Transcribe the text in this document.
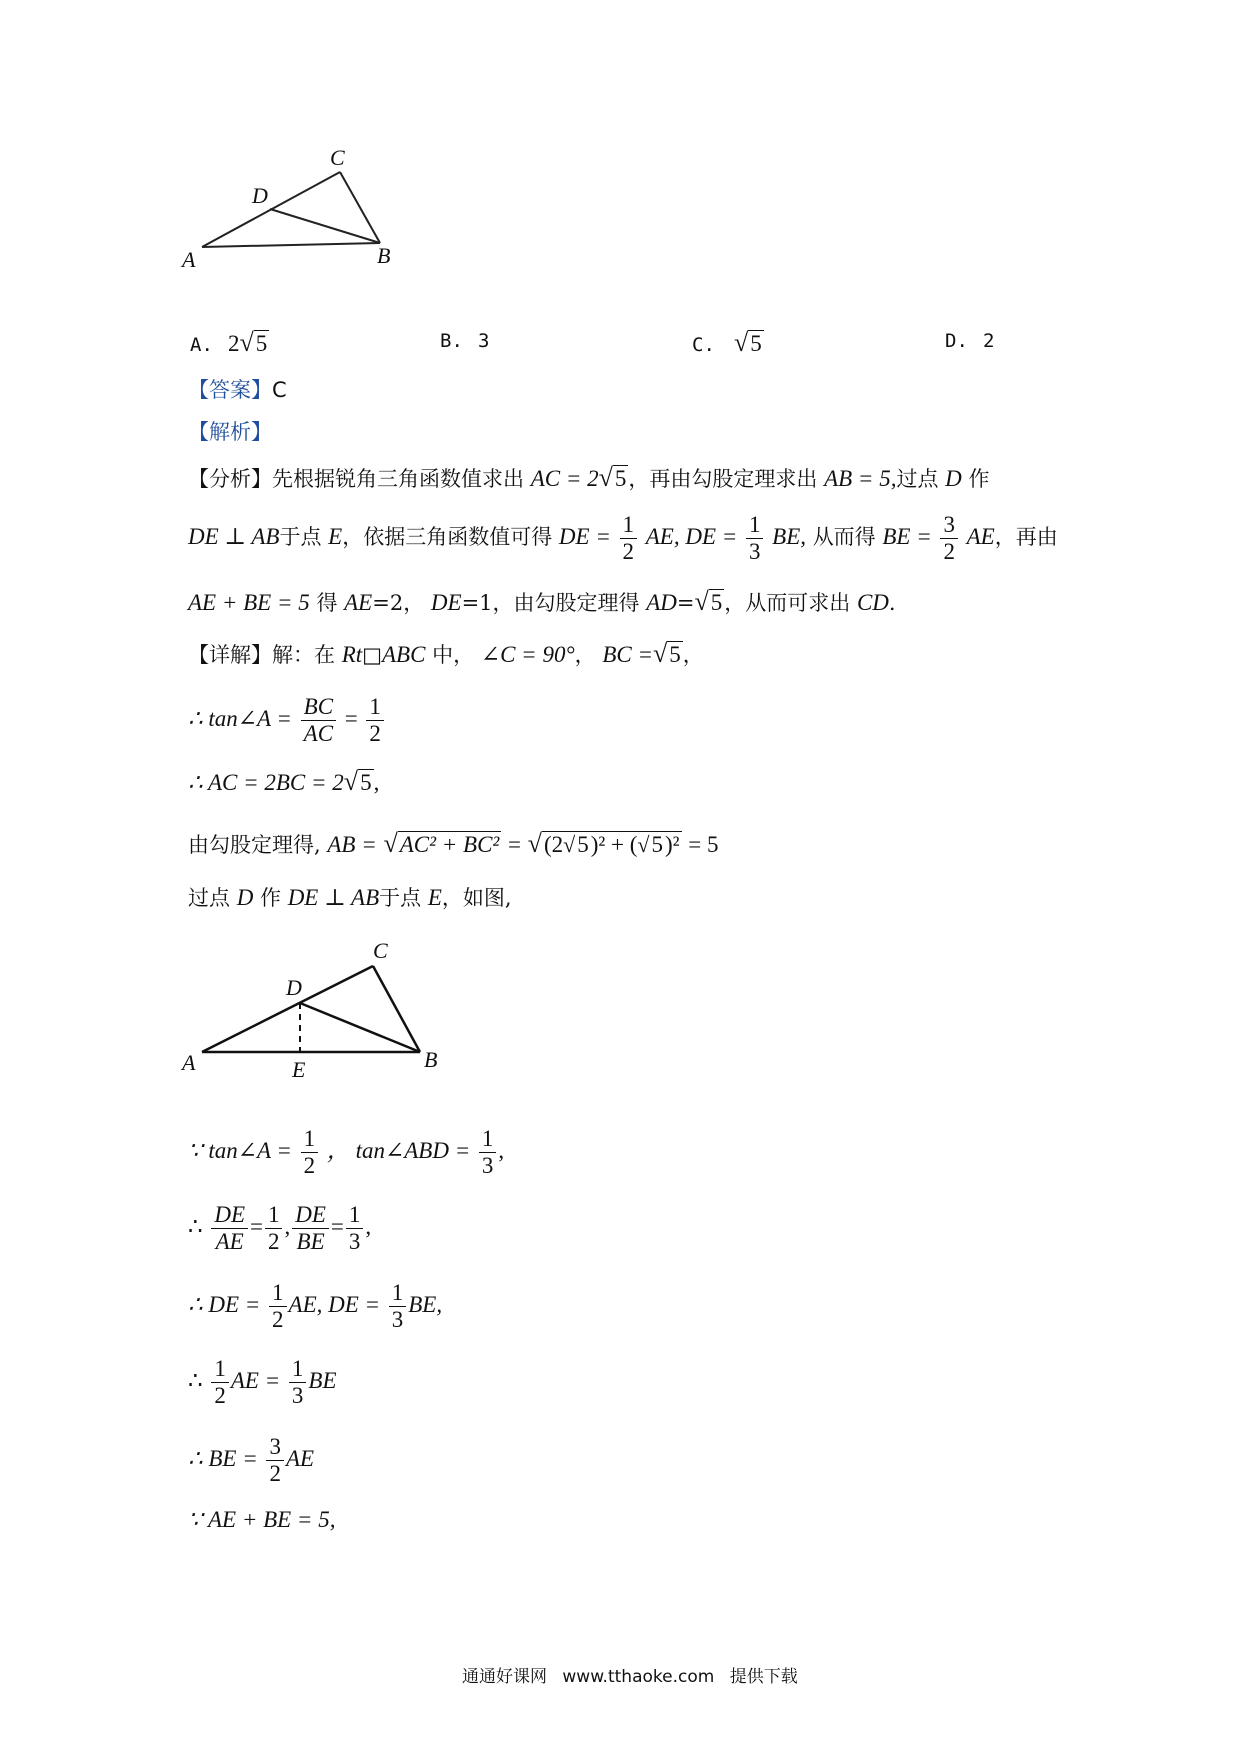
A	B
C
D
A. 2√5	B. 3	C. √5	D. 2
【答案】C
【解析】
【分析】先根据锐角三角函数值求出 AC = 2√5，再由勾股定理求出 AB = 5,过点 D 作
DE ⊥ AB于点 E，依据三角函数值可得 DE = $\frac{1}{2}$ AE, DE = $\frac{1}{3}$ BE, 从而得 BE = $\frac{3}{2}$ AE，再由
AE + BE = 5 得 AE=2， DE=1，由勾股定理得 AD=√5，从而可求出 CD.
【详解】解：在 Rt□ABC 中， ∠C = 90°， BC =√5，
∴ tan∠A = $\frac{BC}{AC} = \frac{1}{2}$
∴ AC = 2BC = 2√5,
由勾股定理得, AB = √AC² + BC² = √(2√5)² + (√5)² = 5
过点 D 作 DE ⊥ AB于点 E，如图,
A	B
C
D
E
∵ tan∠A = $\frac{1}{2}$ ， tan∠ABD = $\frac{1}{3}$ ,
∴ $\frac{DE}{AE} = \frac{1}{2}$ , $\frac{DE}{BE} = \frac{1}{3}$ ,
∴ DE = $\frac{1}{2}$ AE, DE = $\frac{1}{3}$ BE,
∴ $\frac{1}{2}$ AE = $\frac{1}{3}$ BE
∴ BE = $\frac{3}{2}$ AE
∵ AE + BE = 5,
通通好课网 www.tthaoke.com 提供下载
